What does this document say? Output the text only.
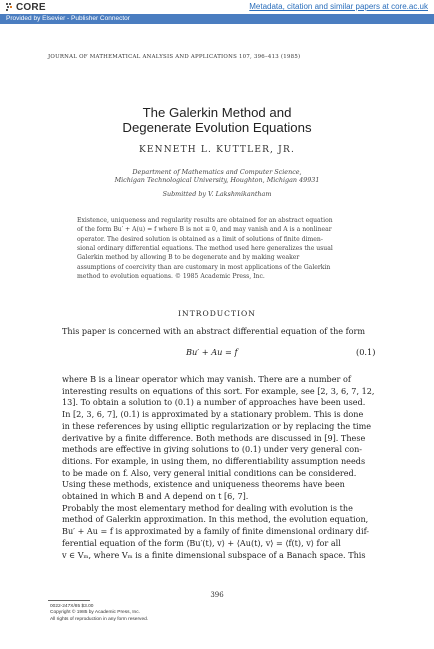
CORE	Metadata, citation and similar papers at core.ac.uk
Provided by Elsevier - Publisher Connector
JOURNAL OF MATHEMATICAL ANALYSIS AND APPLICATIONS 107, 396–413 (1985)
The Galerkin Method and
Degenerate Evolution Equations
KENNETH L. KUTTLER, JR.
Department of Mathematics and Computer Science,
Michigan Technological University, Houghton, Michigan 49931
Submitted by V. Lakshmikantham
Existence, uniqueness and regularity results are obtained for an abstract equation
of the form Bu′ + A(u) = f where B is not ≡ 0, and may vanish and A is a nonlinear
operator. The desired solution is obtained as a limit of solutions of finite dimen-
sional ordinary differential equations. The method used here generalizes the usual
Galerkin method by allowing B to be degenerate and by making weaker
assumptions of coercivity than are customary in most applications of the Galerkin
method to evolution equations. © 1985 Academic Press, Inc.
INTRODUCTION
This paper is concerned with an abstract differential equation of the form
Bu′ + Au = f	(0.1)
where B is a linear operator which may vanish. There are a number of
interesting results on equations of this sort. For example, see [2, 3, 6, 7, 12,
13]. To obtain a solution to (0.1) a number of approaches have been used.
In [2, 3, 6, 7], (0.1) is approximated by a stationary problem. This is done
in these references by using elliptic regularization or by replacing the time
derivative by a finite difference. Both methods are discussed in [9]. These
methods are effective in giving solutions to (0.1) under very general con-
ditions. For example, in using them, no differentiability assumption needs
to be made on f. Also, very general initial conditions can be considered.
Using these methods, existence and uniqueness theorems have been
obtained in which B and A depend on t [6, 7].
Probably the most elementary method for dealing with evolution is the
method of Galerkin approximation. In this method, the evolution equation,
Bu′ + Au = f is approximated by a family of finite dimensional ordinary dif-
ferential equation of the form ⟨Bu′(t), v⟩ + ⟨Au(t), v⟩ = ⟨f(t), v⟩ for all
v ∈ Vₘ, where Vₘ is a finite dimensional subspace of a Banach space. This
396
0022-247X/85 $3.00
Copyright © 1985 by Academic Press, Inc.
All rights of reproduction in any form reserved.
